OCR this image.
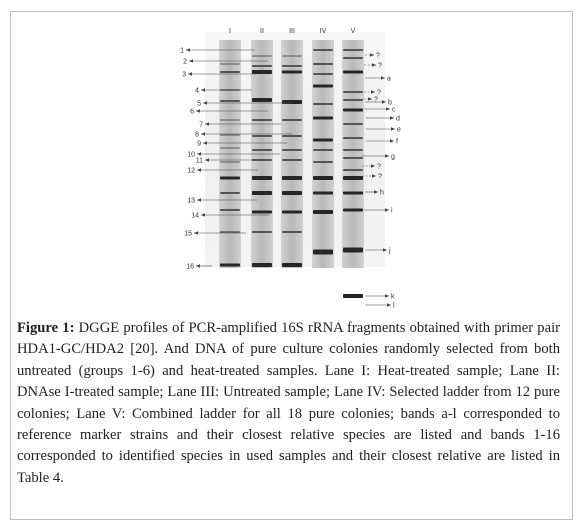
I	II	III	IV	V
1
2
3
4
5
6
7
8
9
10
11
12
13
14
15
16
?
?
a
?
? b
c
d
e
f
g
?
?
h
i
j
k
l

Figure 1: DGGE profiles of PCR-amplified 16S rRNA fragments obtained with primer pair HDA1-GC/HDA2 [20]. And DNA of pure culture colonies randomly selected from both untreated (groups 1-6) and heat-treated samples. Lane I: Heat-treated sample; Lane II: DNAse I-treated sample; Lane III: Untreated sample; Lane IV: Selected ladder from 12 pure colonies; Lane V: Combined ladder for all 18 pure colonies; bands a-l corresponded to reference marker strains and their closest relative species are listed and bands 1-16 corresponded to identified species in used samples and their closest relative are listed in Table 4.
